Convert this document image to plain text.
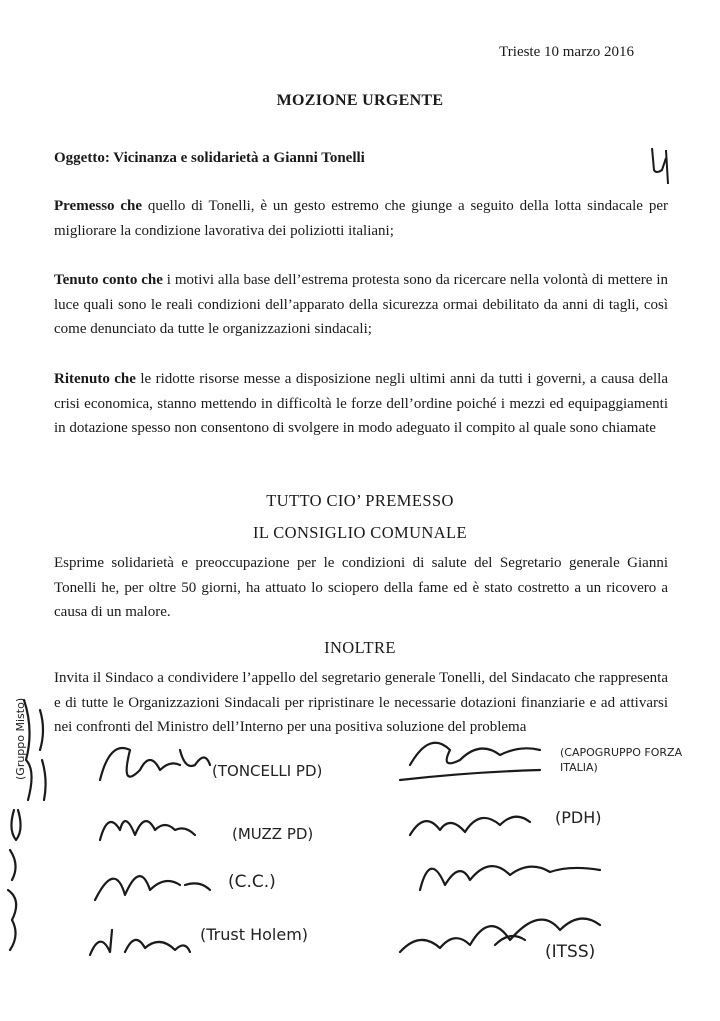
Trieste 10 marzo 2016
MOZIONE URGENTE
Oggetto: Vicinanza e solidarietà a Gianni Tonelli
Premesso che quello di Tonelli, è un gesto estremo che giunge a seguito della lotta sindacale per migliorare la condizione lavorativa dei poliziotti italiani;
Tenuto conto che i motivi alla base dell’estrema protesta sono da ricercare nella volontà di mettere in luce quali sono le reali condizioni dell’apparato della sicurezza ormai debilitato da anni di tagli, così come denunciato da tutte le organizzazioni sindacali;
Ritenuto che le ridotte risorse messe a disposizione negli ultimi anni da tutti i governi, a causa della crisi economica, stanno mettendo in difficoltà le forze dell’ordine poiché i mezzi ed equipaggiamenti in dotazione spesso non consentono di svolgere in modo adeguato il compito al quale sono chiamate
TUTTO CIO’ PREMESSO
IL CONSIGLIO COMUNALE
Esprime solidarietà e preoccupazione per le condizioni di salute del Segretario generale Gianni Tonelli he, per oltre 50 giorni, ha attuato lo sciopero della fame ed è stato costretto a un ricovero a causa di un malore.
INOLTRE
Invita il Sindaco a condividere l’appello del segretario generale Tonelli, del Sindacato che rappresenta e di tutte le Organizzazioni Sindacali per ripristinare le necessarie dotazioni finanziarie e ad attivarsi nei confronti del Ministro dell’Interno per una positiva soluzione del problema
(TONCELLI PD)
(MUZZ PD)
(C.C.)
(Trust Holem)
(CAPOGRUPPO FORZA ITALIA)
(PDH)
(ITSS)
(Gruppo Misto)
